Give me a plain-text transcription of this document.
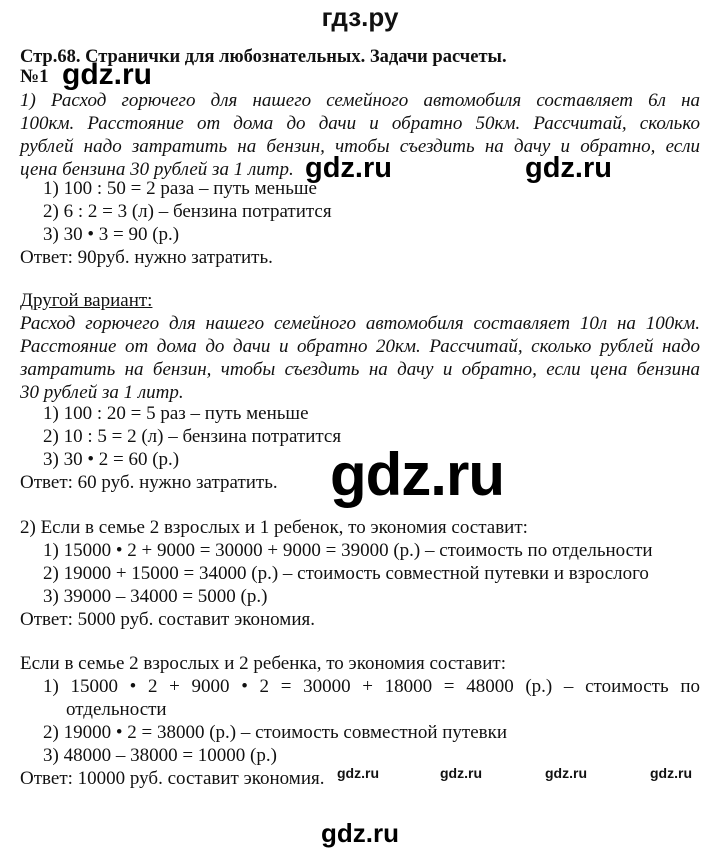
гдз.ру
Стр.68. Странички для любознательных. Задачи расчеты.
№1 gdz.ru
1) Расход горючего для нашего семейного автомобиля составляет 6л на
100км. Расстояние от дома до дачи и обратно 50км. Рассчитай, сколько
рублей надо затратить на бензин, чтобы съездить на дачу и обратно, если
цена бензина 30 рублей за 1 литр. gdz.ru	gdz.ru
1) 100 : 50 = 2 раза – путь меньше
2) 6 : 2 = 3 (л) – бензина потратится
3) 30 • 3 = 90 (р.)
Ответ: 90руб. нужно затратить.
Другой вариант:
Расход горючего для нашего семейного автомобиля составляет 10л на 100км.
Расстояние от дома до дачи и обратно 20км. Рассчитай, сколько рублей надо
затратить на бензин, чтобы съездить на дачу и обратно, если цена бензина
30 рублей за 1 литр.
1) 100 : 20 = 5 раз – путь меньше
2) 10 : 5 = 2 (л) – бензина потратится
3) 30 • 2 = 60 (р.)
Ответ: 60 руб. нужно затратить. gdz.ru
2) Если в семье 2 взрослых и 1 ребенок, то экономия составит:
1) 15000 • 2 + 9000 = 30000 + 9000 = 39000 (р.) – стоимость по отдельности
2) 19000 + 15000 = 34000 (р.) – стоимость совместной путевки и взрослого
3) 39000 – 34000 = 5000 (р.)
Ответ: 5000 руб. составит экономия.
Если в семье 2 взрослых и 2 ребенка, то экономия составит:
1) 15000 • 2 + 9000 • 2 = 30000 + 18000 = 48000 (р.) – стоимость по
отдельности
2) 19000 • 2 = 38000 (р.) – стоимость совместной путевки
3) 48000 – 38000 = 10000 (р.)
Ответ: 10000 руб. составит экономия. gdz.ru	gdz.ru	gdz.ru	gdz.ru
gdz.ru
